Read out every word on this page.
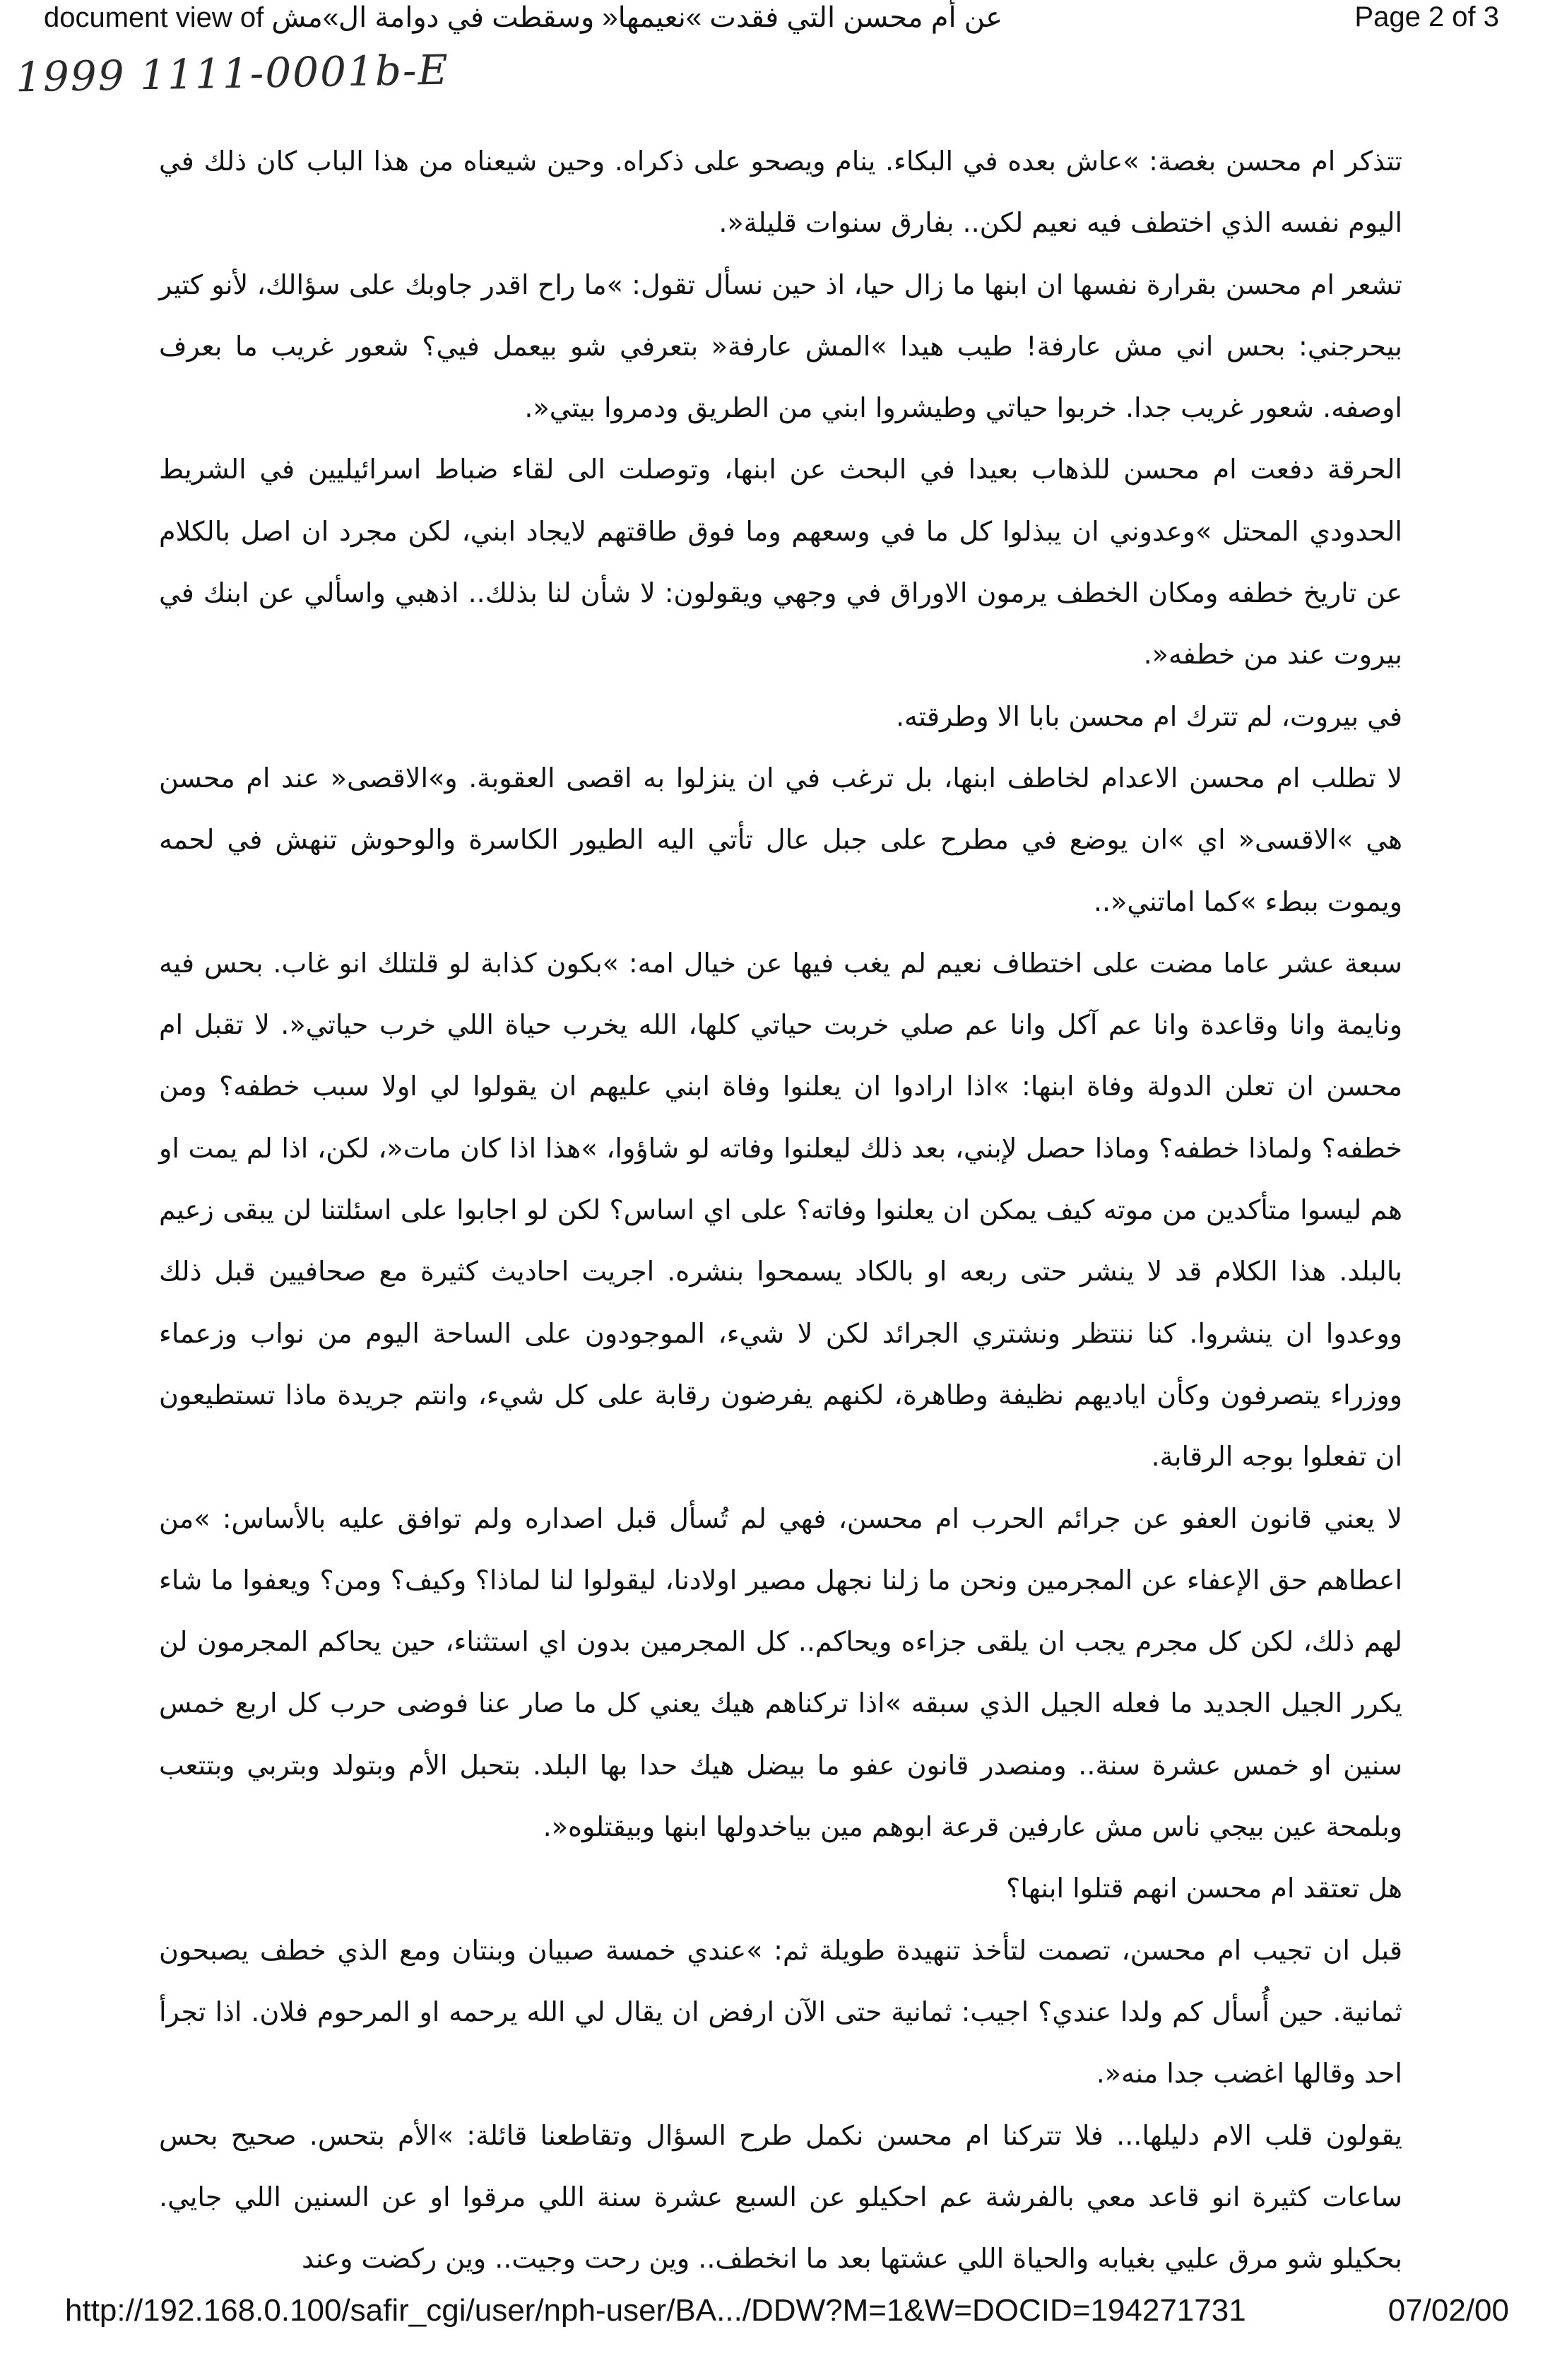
document view of عن أم محسن التي فقدت »نعيمها« وسقطت في دوامة ال»مش	Page 2 of 3
1999 1111-0001b-E

تتذكر ام محسن بغصة: »عاش بعده في البكاء. ينام ويصحو على ذكراه. وحين شيعناه من هذا الباب كان ذلك في اليوم نفسه الذي اختطف فيه نعيم لكن.. بفارق سنوات قليلة«.

تشعر ام محسن بقرارة نفسها ان ابنها ما زال حيا، اذ حين نسأل تقول: »ما راح اقدر جاوبك على سؤالك، لأنو كتير بيحرجني: بحس اني مش عارفة! طيب هيدا »المش عارفة« بتعرفي شو بيعمل فيي؟ شعور غريب ما بعرف اوصفه. شعور غريب جدا. خربوا حياتي وطيشروا ابني من الطريق ودمروا بيتي«.

الحرقة دفعت ام محسن للذهاب بعيدا في البحث عن ابنها، وتوصلت الى لقاء ضباط اسرائيليين في الشريط الحدودي المحتل »وعدوني ان يبذلوا كل ما في وسعهم وما فوق طاقتهم لايجاد ابني، لكن مجرد ان اصل بالكلام عن تاريخ خطفه ومكان الخطف يرمون الاوراق في وجهي ويقولون: لا شأن لنا بذلك.. اذهبي واسألي عن ابنك في بيروت عند من خطفه«.

في بيروت، لم تترك ام محسن بابا الا وطرقته.

لا تطلب ام محسن الاعدام لخاطف ابنها، بل ترغب في ان ينزلوا به اقصى العقوبة. و»الاقصى« عند ام محسن هي »الاقسى« اي »ان يوضع في مطرح على جبل عال تأتي اليه الطيور الكاسرة والوحوش تنهش في لحمه ويموت ببطء »كما اماتني«..

سبعة عشر عاما مضت على اختطاف نعيم لم يغب فيها عن خيال امه: »بكون كذابة لو قلتلك انو غاب. بحس فيه ونايمة وانا وقاعدة وانا عم آكل وانا عم صلي خربت حياتي كلها، الله يخرب حياة اللي خرب حياتي«. لا تقبل ام محسن ان تعلن الدولة وفاة ابنها: »اذا ارادوا ان يعلنوا وفاة ابني عليهم ان يقولوا لي اولا سبب خطفه؟ ومن خطفه؟ ولماذا خطفه؟ وماذا حصل لإبني، بعد ذلك ليعلنوا وفاته لو شاؤوا، »هذا اذا كان مات«، لكن، اذا لم يمت او هم ليسوا متأكدين من موته كيف يمكن ان يعلنوا وفاته؟ على اي اساس؟ لكن لو اجابوا على اسئلتنا لن يبقى زعيم بالبلد. هذا الكلام قد لا ينشر حتى ربعه او بالكاد يسمحوا بنشره. اجريت احاديث كثيرة مع صحافيين قبل ذلك ووعدوا ان ينشروا. كنا ننتظر ونشتري الجرائد لكن لا شيء، الموجودون على الساحة اليوم من نواب وزعماء ووزراء يتصرفون وكأن اياديهم نظيفة وطاهرة، لكنهم يفرضون رقابة على كل شيء، وانتم جريدة ماذا تستطيعون ان تفعلوا بوجه الرقابة.

لا يعني قانون العفو عن جرائم الحرب ام محسن، فهي لم تُسأل قبل اصداره ولم توافق عليه بالأساس: »من اعطاهم حق الإعفاء عن المجرمين ونحن ما زلنا نجهل مصير اولادنا، ليقولوا لنا لماذا؟ وكيف؟ ومن؟ ويعفوا ما شاء لهم ذلك، لكن كل مجرم يجب ان يلقى جزاءه ويحاكم.. كل المجرمين بدون اي استثناء، حين يحاكم المجرمون لن يكرر الجيل الجديد ما فعله الجيل الذي سبقه »اذا تركناهم هيك يعني كل ما صار عنا فوضى حرب كل اربع خمس سنين او خمس عشرة سنة.. ومنصدر قانون عفو ما بيضل هيك حدا بها البلد. بتحبل الأم وبتولد وبتربي وبتتعب وبلمحة عين بيجي ناس مش عارفين قرعة ابوهم مين بياخدولها ابنها وبيقتلوه«.

هل تعتقد ام محسن انهم قتلوا ابنها؟

قبل ان تجيب ام محسن، تصمت لتأخذ تنهيدة طويلة ثم: »عندي خمسة صبيان وبنتان ومع الذي خطف يصبحون ثمانية. حين أُسأل كم ولدا عندي؟ اجيب: ثمانية حتى الآن ارفض ان يقال لي الله يرحمه او المرحوم فلان. اذا تجرأ احد وقالها اغضب جدا منه«.

يقولون قلب الام دليلها... فلا تتركنا ام محسن نكمل طرح السؤال وتقاطعنا قائلة: »الأم بتحس. صحيح بحس ساعات كثيرة انو قاعد معي بالفرشة عم احكيلو عن السبع عشرة سنة اللي مرقوا او عن السنين اللي جايي. بحكيلو شو مرق عليي بغيابه والحياة اللي عشتها بعد ما انخطف.. وين رحت وجيت.. وين ركضت وعند

http://192.168.0.100/safir_cgi/user/nph-user/BA.../DDW?M=1&W=DOCID=194271731	07/02/00
